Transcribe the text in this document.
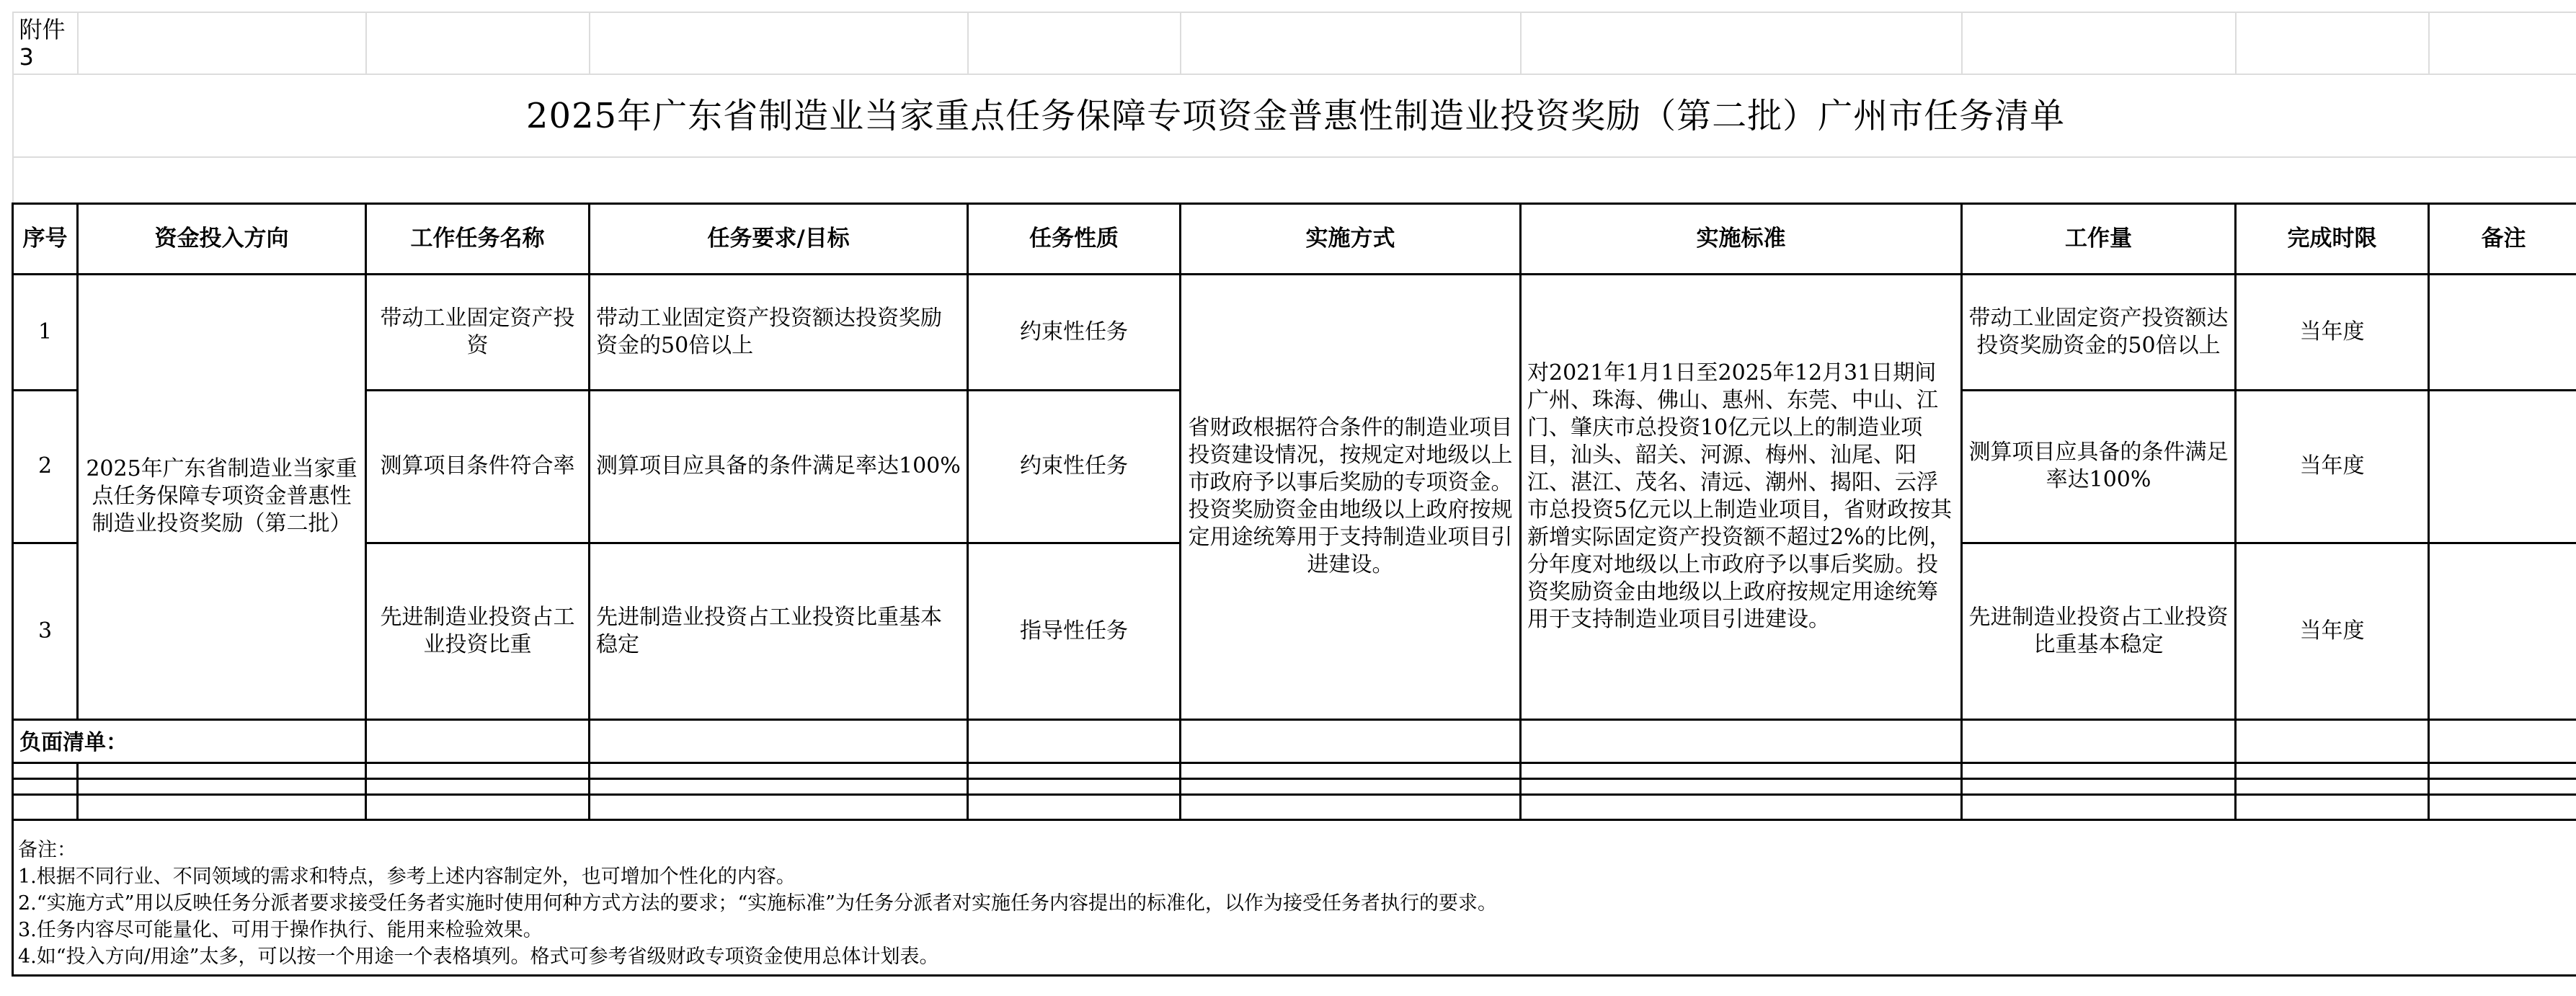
附件3									
2025年广东省制造业当家重点任务保障专项资金普惠性制造业投资奖励（第二批）广州市任务清单									

序号	资金投入方向	工作任务名称	任务要求/目标	任务性质	实施方式	实施标准	工作量	完成时限	备注
1	2025年广东省制造业当家重点任务保障专项资金普惠性制造业投资奖励（第二批）	带动工业固定资产投资	带动工业固定资产投资额达投资奖励资金的50倍以上	约束性任务	省财政根据符合条件的制造业项目投资建设情况，按规定对地级以上市政府予以事后奖励的专项资金。投资奖励资金由地级以上政府按规定用途统筹用于支持制造业项目引进建设。	对2021年1月1日至2025年12月31日期间广州、珠海、佛山、惠州、东莞、中山、江门、肇庆市总投资10亿元以上的制造业项目，汕头、韶关、河源、梅州、汕尾、阳江、湛江、茂名、清远、潮州、揭阳、云浮市总投资5亿元以上制造业项目，省财政按其新增实际固定资产投资额不超过2%的比例，分年度对地级以上市政府予以事后奖励。投资奖励资金由地级以上政府按规定用途统筹用于支持制造业项目引进建设。	带动工业固定资产投资额达投资奖励资金的50倍以上	当年度	
2		测算项目条件符合率	测算项目应具备的条件满足率达100%	约束性任务			测算项目应具备的条件满足率达100%	当年度	
3		先进制造业投资占工业投资比重	先进制造业投资占工业投资比重基本稳定	指导性任务			先进制造业投资占工业投资比重基本稳定	当年度	
负面清单：									

备注：
1.根据不同行业、不同领域的需求和特点，参考上述内容制定外，也可增加个性化的内容。
2.“实施方式”用以反映任务分派者要求接受任务者实施时使用何种方式方法的要求；“实施标准”为任务分派者对实施任务内容提出的标准化，以作为接受任务者执行的要求。
3.任务内容尽可能量化、可用于操作执行、能用来检验效果。
4.如“投入方向/用途”太多，可以按一个用途一个表格填列。格式可参考省级财政专项资金使用总体计划表。									
